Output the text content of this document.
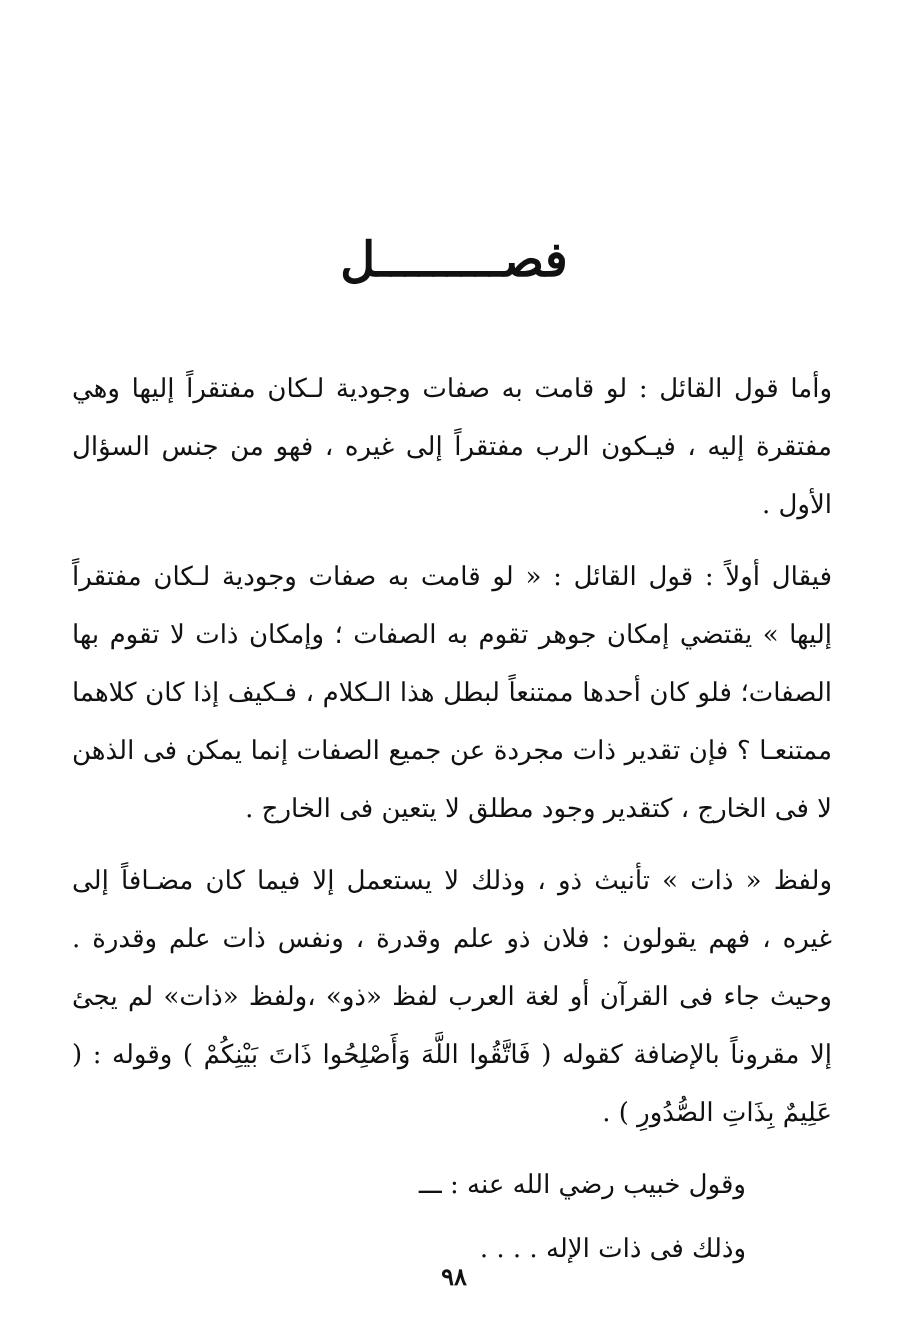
فصـــــــــل

وأما قول القائل : لو قامت به صفات وجودية لـكان مفتقراً إليها وهي مفتقرة إليه ، فيـكون الرب مفتقراً إلى غيره ، فهو من جنس السؤال الأول .

فيقال أولاً : قول القائل : « لو قامت به صفات وجودية لـكان مفتقراً إليها » يقتضي إمكان جوهر تقوم به الصفات ؛ وإمكان ذات لا تقوم بها الصفات؛ فلو كان أحدها ممتنعاً لبطل هذا الـكلام ، فـكيف إذا كان كلاهما ممتنعـا ؟ فإن تقدير ذات مجردة عن جميع الصفات إنما يمكن فى الذهن لا فى الخارج ، كتقدير وجود مطلق لا يتعين فى الخارج .

ولفظ « ذات » تأنيث ذو ، وذلك لا يستعمل إلا فيما كان مضـافاً إلى غيره ، فهم يقولون : فلان ذو علم وقدرة ، ونفس ذات علم وقدرة . وحيث جاء فى القرآن أو لغة العرب لفظ «ذو» ،ولفظ «ذات» لم يجئ إلا مقروناً بالإضافة كقوله ( فَاتَّقُوا اللَّهَ وَأَصْلِحُوا ذَاتَ بَيْنِكُمْ ) وقوله : ( عَلِيمٌ بِذَاتِ الصُّدُورِ ) .

وقول خبيب رضي الله عنه : ـــ

وذلك فى ذات الإله . . . .

٩٨
